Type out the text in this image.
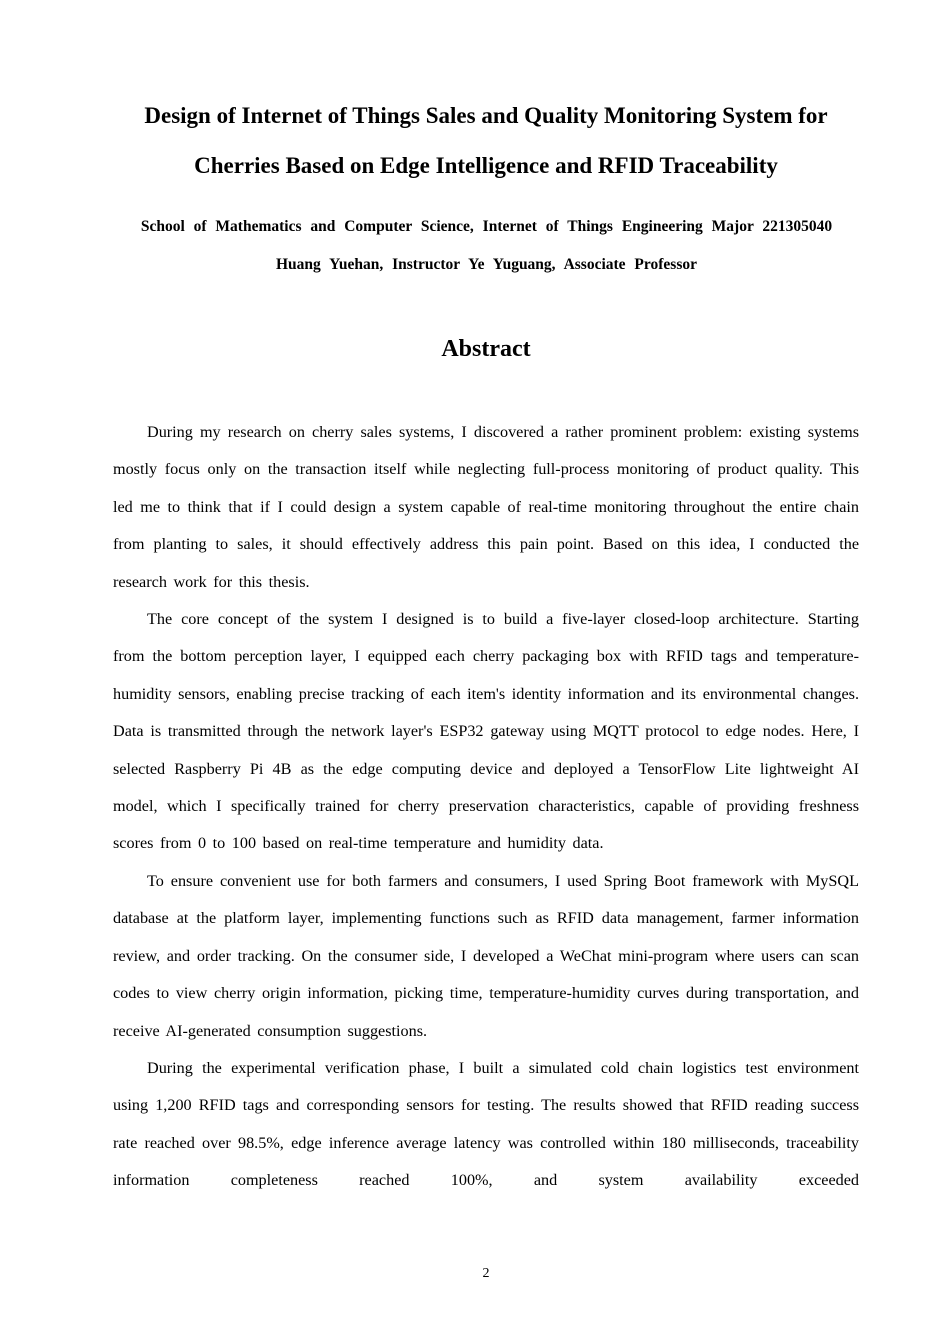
Design of Internet of Things Sales and Quality Monitoring System for
Cherries Based on Edge Intelligence and RFID Traceability
School of Mathematics and Computer Science, Internet of Things Engineering Major 221305040
Huang Yuehan, Instructor Ye Yuguang, Associate Professor
Abstract

During my research on cherry sales systems, I discovered a rather prominent problem: existing systems mostly focus only on the transaction itself while neglecting full-process monitoring of product quality. This led me to think that if I could design a system capable of real-time monitoring throughout the entire chain from planting to sales, it should effectively address this pain point. Based on this idea, I conducted the research work for this thesis.

The core concept of the system I designed is to build a five-layer closed-loop architecture. Starting from the bottom perception layer, I equipped each cherry packaging box with RFID tags and temperature-humidity sensors, enabling precise tracking of each item's identity information and its environmental changes. Data is transmitted through the network layer's ESP32 gateway using MQTT protocol to edge nodes. Here, I selected Raspberry Pi 4B as the edge computing device and deployed a TensorFlow Lite lightweight AI model, which I specifically trained for cherry preservation characteristics, capable of providing freshness scores from 0 to 100 based on real-time temperature and humidity data.

To ensure convenient use for both farmers and consumers, I used Spring Boot framework with MySQL database at the platform layer, implementing functions such as RFID data management, farmer information review, and order tracking. On the consumer side, I developed a WeChat mini-program where users can scan codes to view cherry origin information, picking time, temperature-humidity curves during transportation, and receive AI-generated consumption suggestions.

During the experimental verification phase, I built a simulated cold chain logistics test environment using 1,200 RFID tags and corresponding sensors for testing. The results showed that RFID reading success rate reached over 98.5%, edge inference average latency was controlled within 180 milliseconds, traceability information completeness reached 100%, and system availability exceeded

2
